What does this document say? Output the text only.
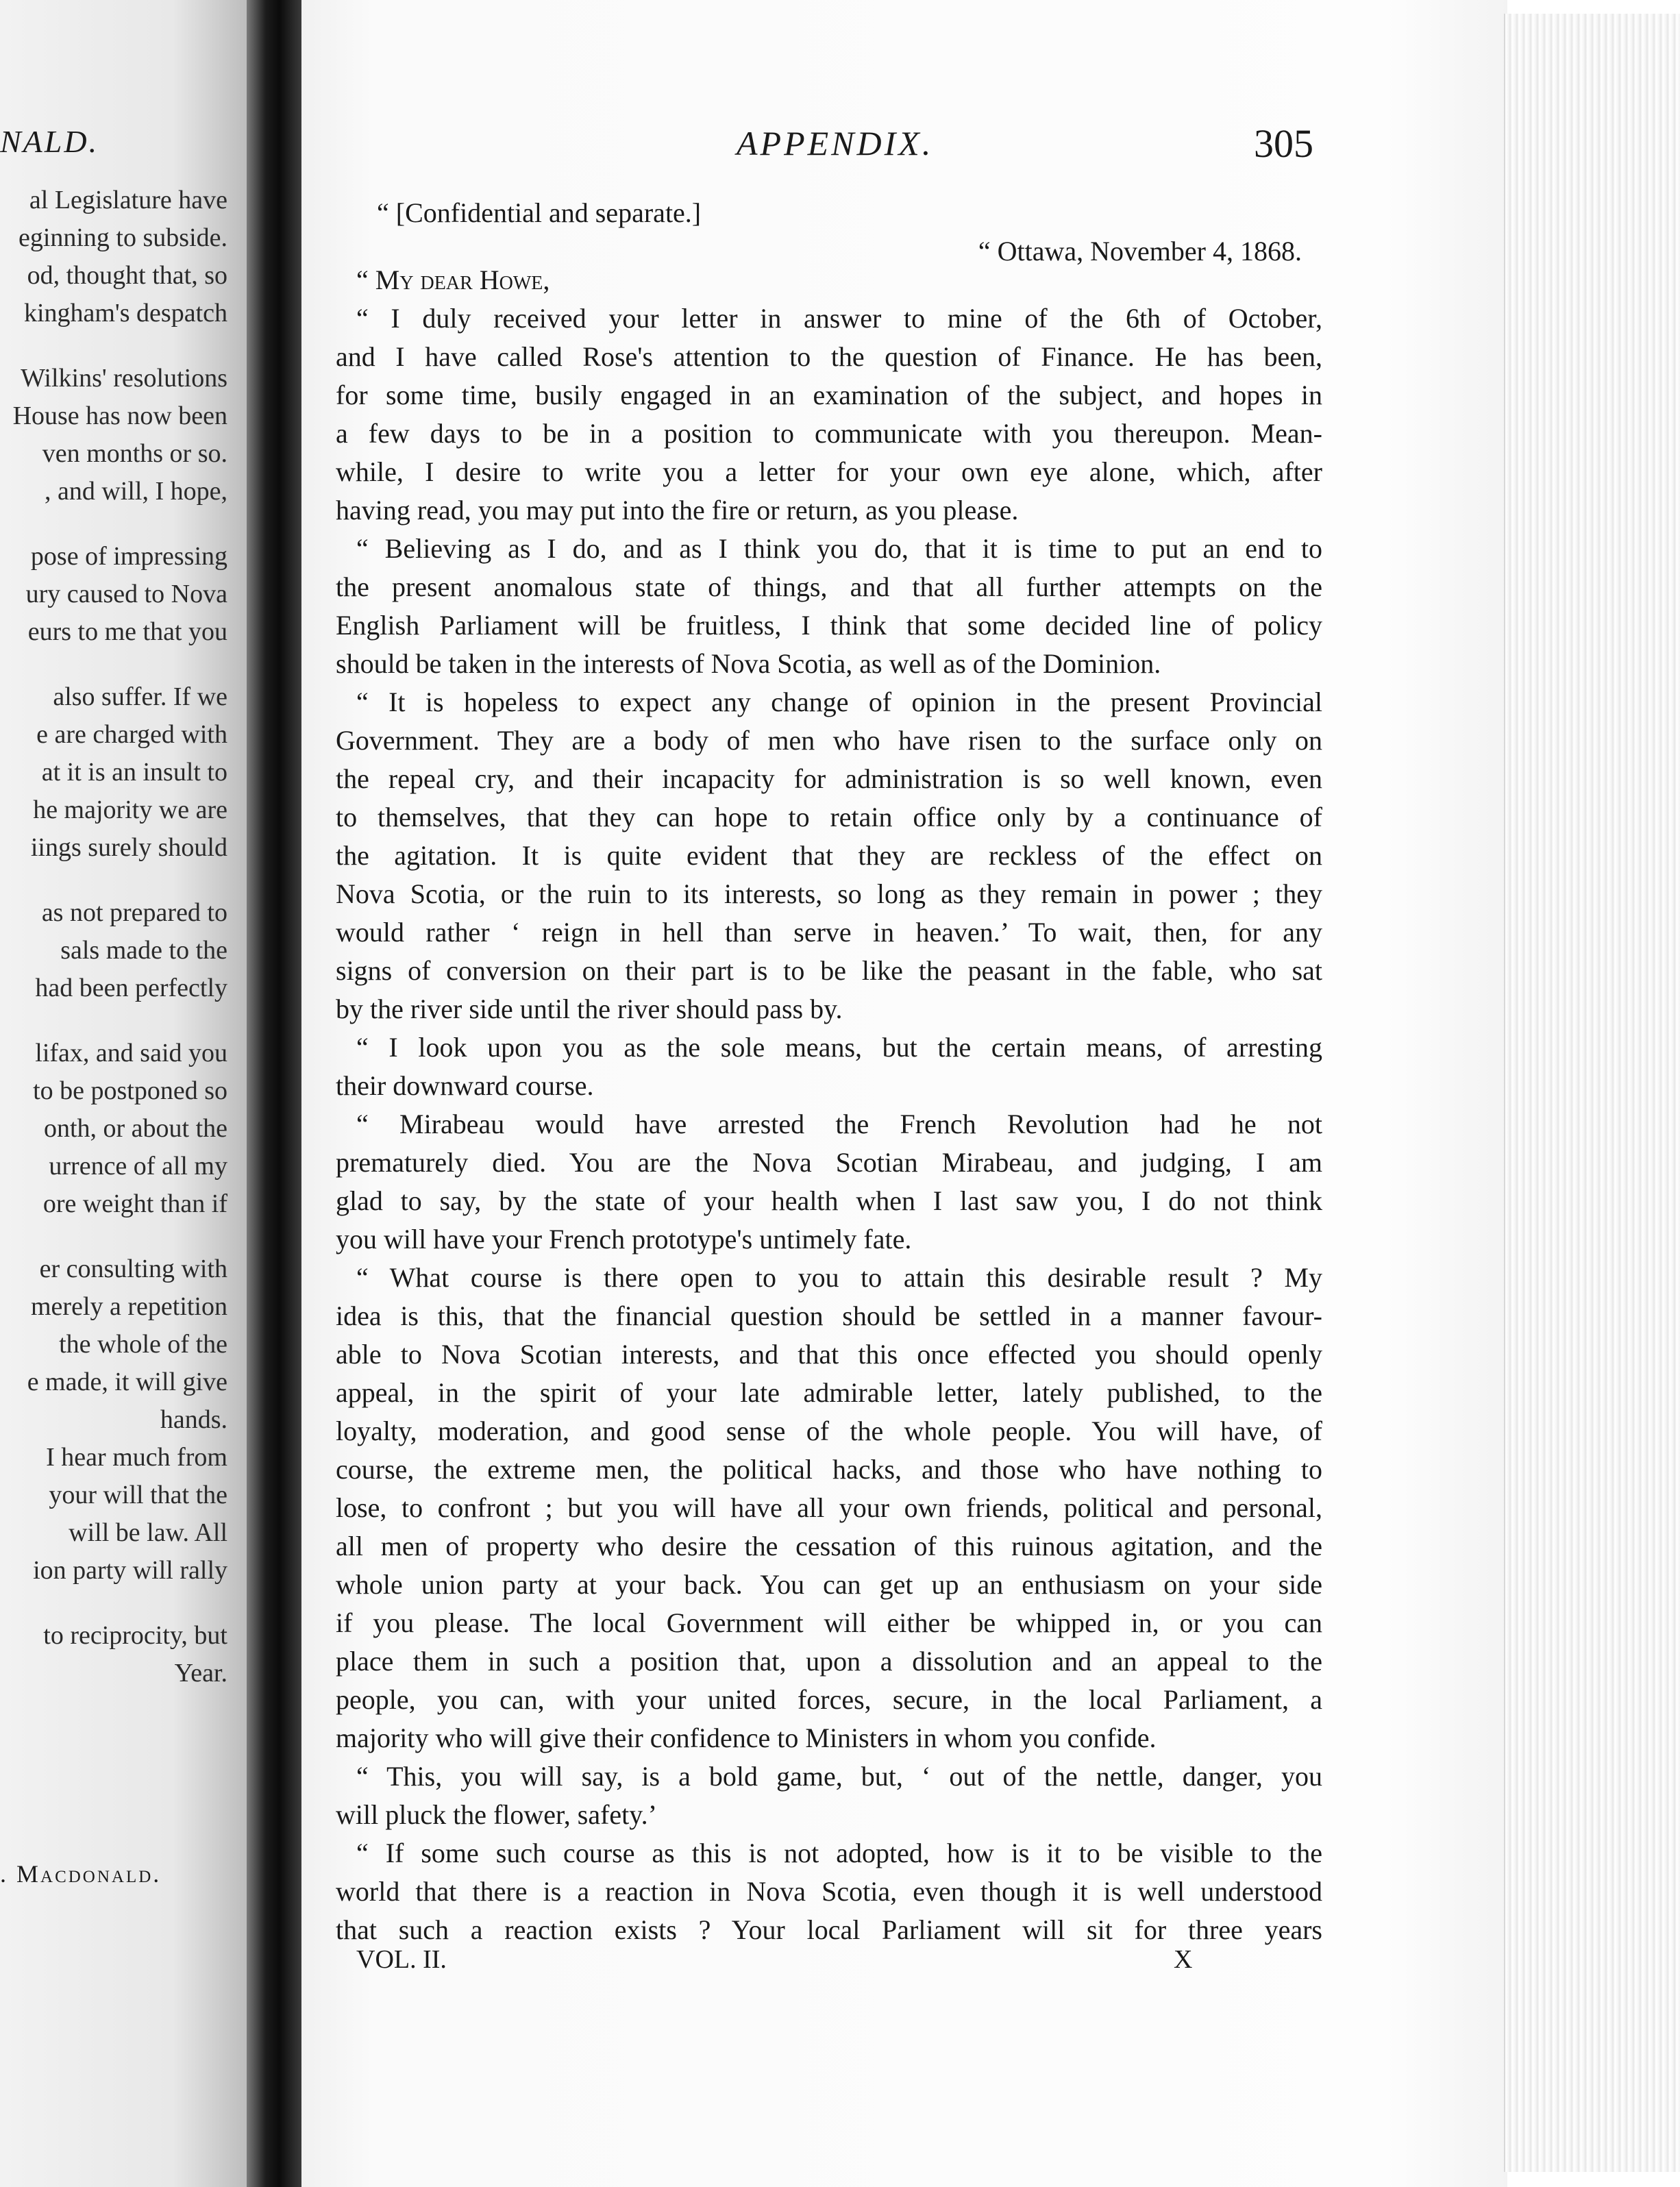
NALD.
al Legislature have
eginning to subside.
od, thought that, so
kingham's despatch
Wilkins' resolutions
House has now been
ven months or so.
, and will, I hope,
pose of impressing
ury caused to Nova
eurs to me that you
also suffer. If we
e are charged with
at it is an insult to
he majority we are
iings surely should
as not prepared to
sals made to the
had been perfectly
lifax, and said you
to be postponed so
onth, or about the
urrence of all my
ore weight than if
er consulting with
merely a repetition
the whole of the
e made, it will give
hands.
I hear much from
your will that the
will be law. All
ion party will rally
to reciprocity, but
Year.
. Macdonald.
APPENDIX.	305
“ [Confidential and separate.]
“ Ottawa, November 4, 1868.
“ My dear Howe,
“ I duly received your letter in answer to mine of the 6th of October,
and I have called Rose's attention to the question of Finance. He has been,
for some time, busily engaged in an examination of the subject, and hopes in
a few days to be in a position to communicate with you thereupon. Mean-
while, I desire to write you a letter for your own eye alone, which, after
having read, you may put into the fire or return, as you please.
“ Believing as I do, and as I think you do, that it is time to put an end to
the present anomalous state of things, and that all further attempts on the
English Parliament will be fruitless, I think that some decided line of policy
should be taken in the interests of Nova Scotia, as well as of the Dominion.
“ It is hopeless to expect any change of opinion in the present Provincial
Government. They are a body of men who have risen to the surface only on
the repeal cry, and their incapacity for administration is so well known, even
to themselves, that they can hope to retain office only by a continuance of
the agitation. It is quite evident that they are reckless of the effect on
Nova Scotia, or the ruin to its interests, so long as they remain in power ; they
would rather ‘ reign in hell than serve in heaven.’ To wait, then, for any
signs of conversion on their part is to be like the peasant in the fable, who sat
by the river side until the river should pass by.
“ I look upon you as the sole means, but the certain means, of arresting
their downward course.
“ Mirabeau would have arrested the French Revolution had he not
prematurely died. You are the Nova Scotian Mirabeau, and judging, I am
glad to say, by the state of your health when I last saw you, I do not think
you will have your French prototype's untimely fate.
“ What course is there open to you to attain this desirable result ? My
idea is this, that the financial question should be settled in a manner favour-
able to Nova Scotian interests, and that this once effected you should openly
appeal, in the spirit of your late admirable letter, lately published, to the
loyalty, moderation, and good sense of the whole people. You will have, of
course, the extreme men, the political hacks, and those who have nothing to
lose, to confront ; but you will have all your own friends, political and personal,
all men of property who desire the cessation of this ruinous agitation, and the
whole union party at your back. You can get up an enthusiasm on your side
if you please. The local Government will either be whipped in, or you can
place them in such a position that, upon a dissolution and an appeal to the
people, you can, with your united forces, secure, in the local Parliament, a
majority who will give their confidence to Ministers in whom you confide.
“ This, you will say, is a bold game, but, ‘ out of the nettle, danger, you
will pluck the flower, safety.’
“ If some such course as this is not adopted, how is it to be visible to the
world that there is a reaction in Nova Scotia, even though it is well understood
that such a reaction exists ? Your local Parliament will sit for three years
VOL. II.	X
